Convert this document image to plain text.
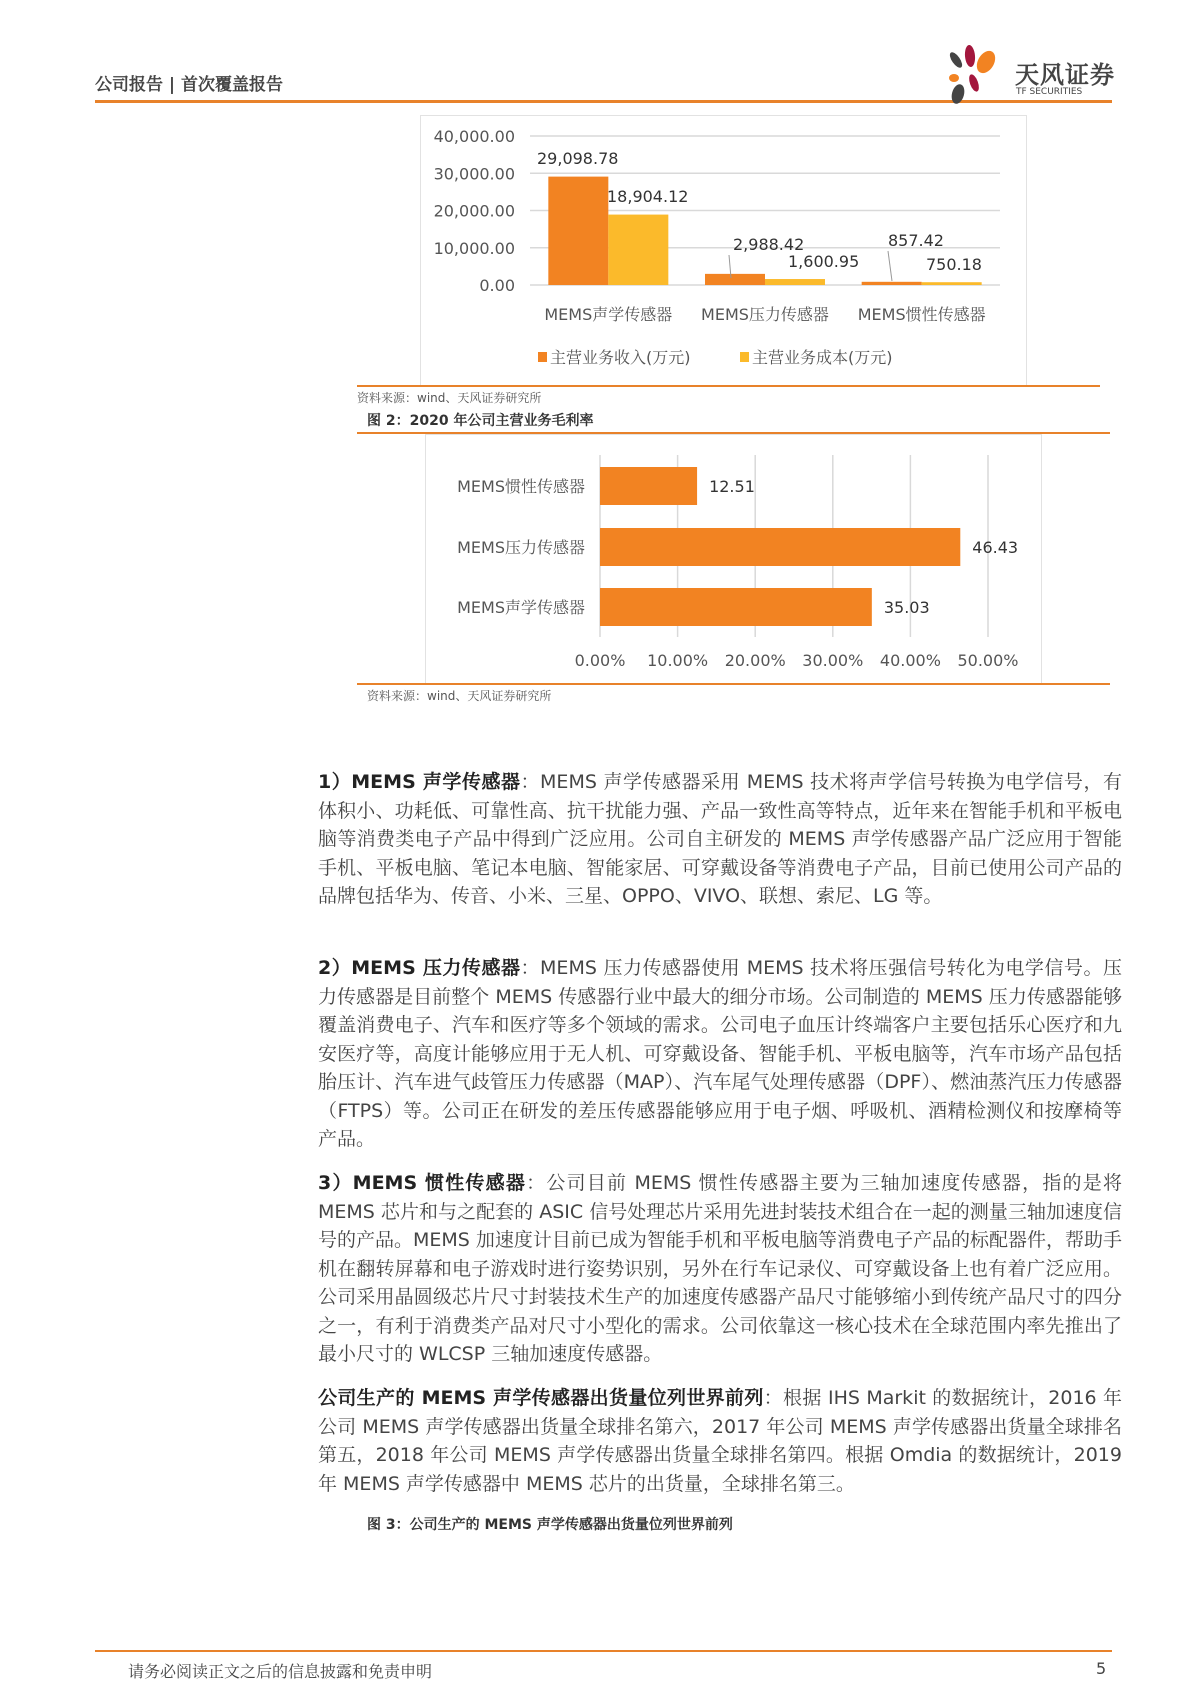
公司报告 | 首次覆盖报告	天风证券
TF SECURITIES
0.00
10,000.00
20,000.00
30,000.00
40,000.00
MEMS声学传感器 MEMS压力传感器 MEMS惯性传感器
29,098.78
18,904.12
2,988.42
1,600.95
857.42
750.18
主营业务收入(万元)	主营业务成本(万元)
资料来源：wind、天风证券研究所
图 2：2020 年公司主营业务毛利率
0.00% 10.00% 20.00% 30.00% 40.00% 50.00%
MEMS惯性传感器	12.51
MEMS压力传感器	46.43
MEMS声学传感器	35.03
资料来源：wind、天风证券研究所
1）MEMS 声学传感器：MEMS 声学传感器采用 MEMS 技术将声学信号转换为电学信号，有体积小、功耗低、可靠性高、抗干扰能力强、产品一致性高等特点，近年来在智能手机和平板电脑等消费类电子产品中得到广泛应用。公司自主研发的 MEMS 声学传感器产品广泛应用于智能手机、平板电脑、笔记本电脑、智能家居、可穿戴设备等消费电子产品，目前已使用公司产品的品牌包括华为、传音、小米、三星、OPPO、VIVO、联想、索尼、LG 等。
2）MEMS 压力传感器：MEMS 压力传感器使用 MEMS 技术将压强信号转化为电学信号。压力传感器是目前整个 MEMS 传感器行业中最大的细分市场。公司制造的 MEMS 压力传感器能够覆盖消费电子、汽车和医疗等多个领域的需求。公司电子血压计终端客户主要包括乐心医疗和九安医疗等，高度计能够应用于无人机、可穿戴设备、智能手机、平板电脑等，汽车市场产品包括胎压计、汽车进气歧管压力传感器（MAP）、汽车尾气处理传感器（DPF）、燃油蒸汽压力传感器（FTPS）等。公司正在研发的差压传感器能够应用于电子烟、呼吸机、酒精检测仪和按摩椅等产品。
3）MEMS 惯性传感器：公司目前 MEMS 惯性传感器主要为三轴加速度传感器，指的是将 MEMS 芯片和与之配套的 ASIC 信号处理芯片采用先进封装技术组合在一起的测量三轴加速度信号的产品。MEMS 加速度计目前已成为智能手机和平板电脑等消费电子产品的标配器件，帮助手机在翻转屏幕和电子游戏时进行姿势识别，另外在行车记录仪、可穿戴设备上也有着广泛应用。公司采用晶圆级芯片尺寸封装技术生产的加速度传感器产品尺寸能够缩小到传统产品尺寸的四分之一，有利于消费类产品对尺寸小型化的需求。公司依靠这一核心技术在全球范围内率先推出了最小尺寸的 WLCSP 三轴加速度传感器。
公司生产的 MEMS 声学传感器出货量位列世界前列：根据 IHS Markit 的数据统计，2016 年公司 MEMS 声学传感器出货量全球排名第六，2017 年公司 MEMS 声学传感器出货量全球排名第五，2018 年公司 MEMS 声学传感器出货量全球排名第四。根据 Omdia 的数据统计，2019 年 MEMS 声学传感器中 MEMS 芯片的出货量，全球排名第三。
图 3：公司生产的 MEMS 声学传感器出货量位列世界前列
请务必阅读正文之后的信息披露和免责申明	5
